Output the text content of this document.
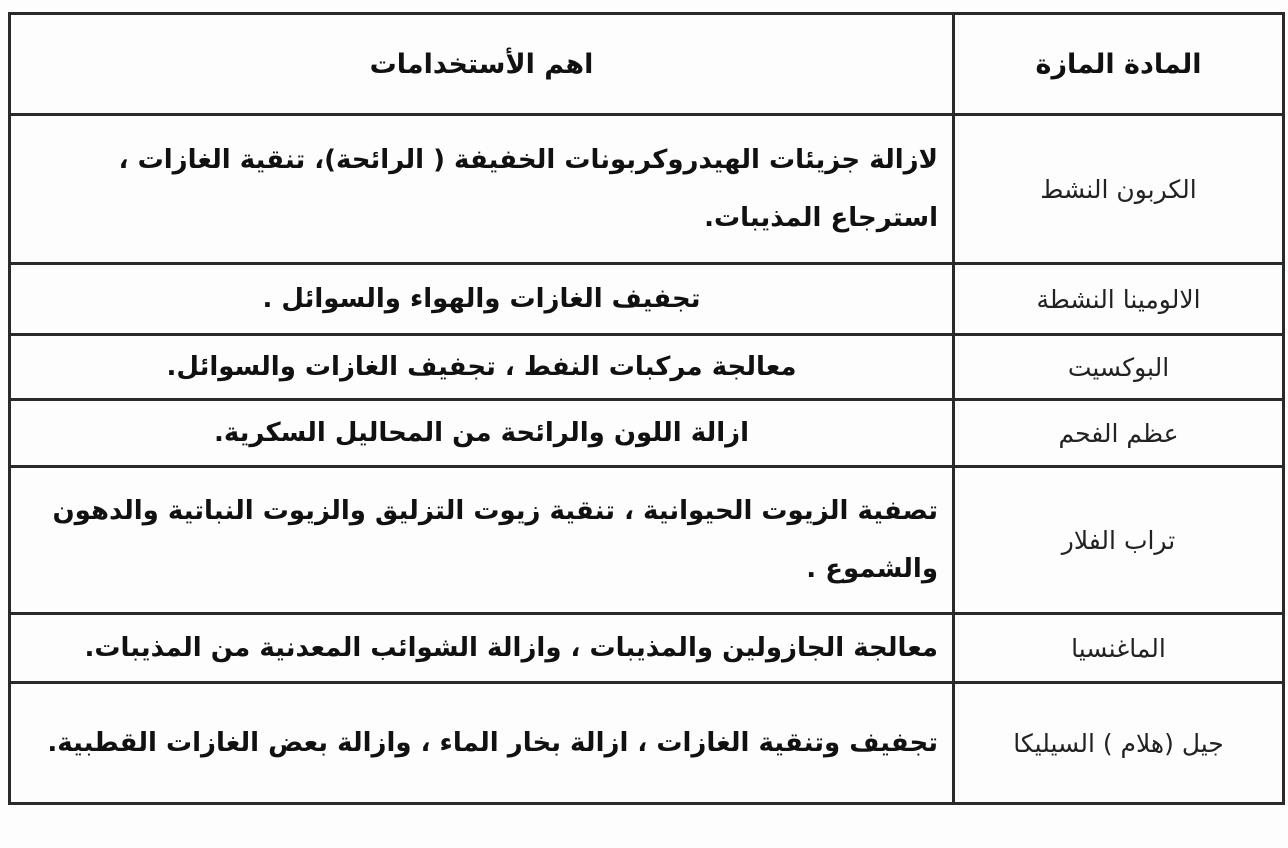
المادة المازة	اهم الأستخدامات
الكربون النشط	لازالة جزيئات الهيدروكربونات الخفيفة ( الرائحة)، تنقية الغازات ، استرجاع المذيبات.
الالومينا النشطة	تجفيف الغازات والهواء والسوائل .
البوكسيت	معالجة مركبات النفط ، تجفيف الغازات والسوائل.
عظم الفحم	ازالة اللون والرائحة من المحاليل السكرية.
تراب الفلار	تصفية الزيوت الحيوانية ، تنقية زيوت التزليق والزيوت النباتية والدهون والشموع .
الماغنسيا	معالجة الجازولين والمذيبات ، وازالة الشوائب المعدنية من المذيبات.
جيل (هلام ) السيليكا	تجفيف وتنقية الغازات ، ازالة بخار الماء ، وازالة بعض الغازات القطبية.
